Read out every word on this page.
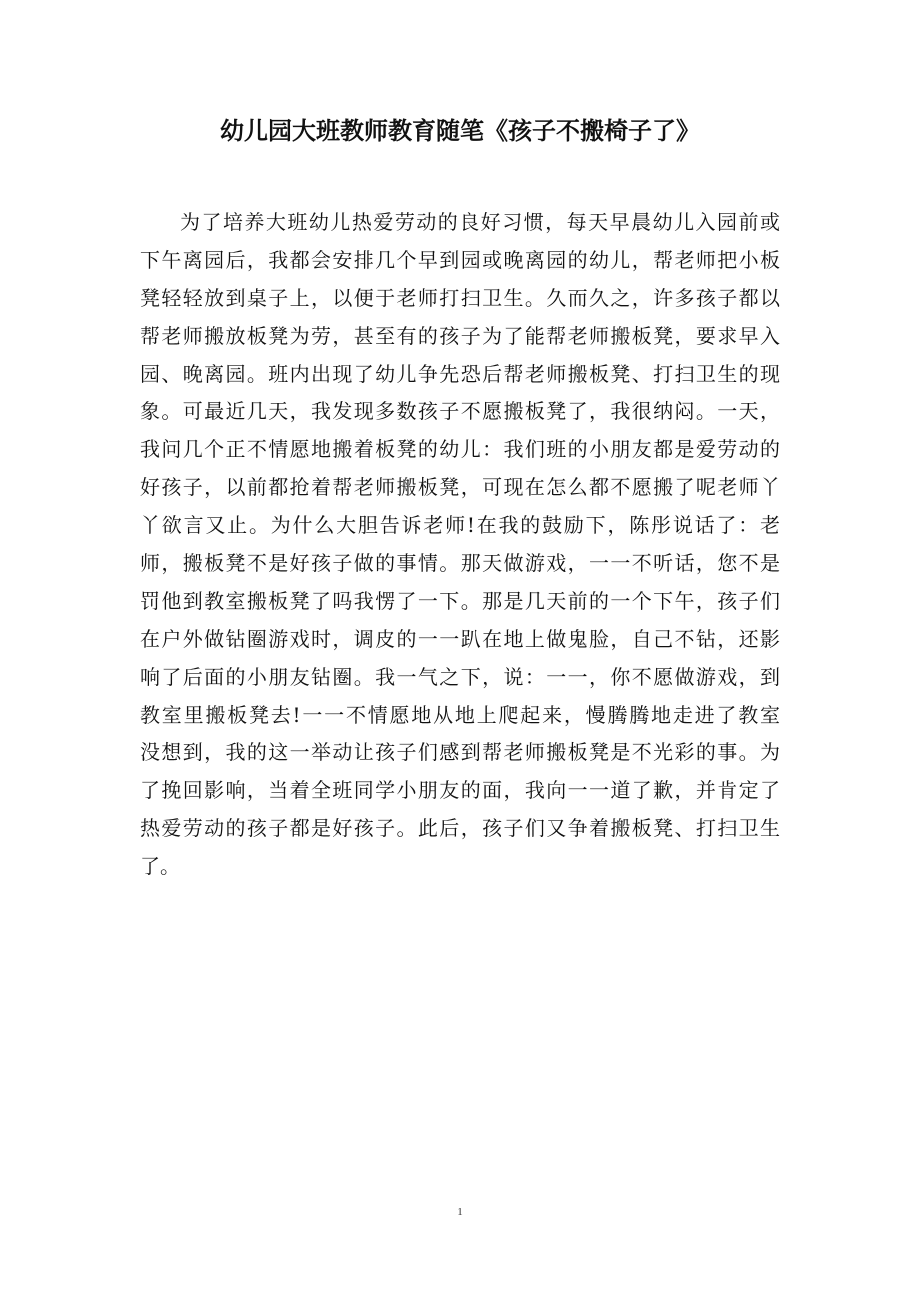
幼儿园大班教师教育随笔《孩子不搬椅子了》
为了培养大班幼儿热爱劳动的良好习惯，每天早晨幼儿入园前或
下午离园后，我都会安排几个早到园或晚离园的幼儿，帮老师把小板
凳轻轻放到桌子上，以便于老师打扫卫生。久而久之，许多孩子都以
帮老师搬放板凳为劳，甚至有的孩子为了能帮老师搬板凳，要求早入
园、晚离园。班内出现了幼儿争先恐后帮老师搬板凳、打扫卫生的现
象。可最近几天，我发现多数孩子不愿搬板凳了，我很纳闷。一天，
我问几个正不情愿地搬着板凳的幼儿：我们班的小朋友都是爱劳动的
好孩子，以前都抢着帮老师搬板凳，可现在怎么都不愿搬了呢老师丫
丫欲言又止。为什么大胆告诉老师!在我的鼓励下，陈彤说话了：老
师，搬板凳不是好孩子做的事情。那天做游戏，一一不听话，您不是
罚他到教室搬板凳了吗我愣了一下。那是几天前的一个下午，孩子们
在户外做钻圈游戏时，调皮的一一趴在地上做鬼脸，自己不钻，还影
响了后面的小朋友钻圈。我一气之下，说：一一，你不愿做游戏，到
教室里搬板凳去!一一不情愿地从地上爬起来，慢腾腾地走进了教室
没想到，我的这一举动让孩子们感到帮老师搬板凳是不光彩的事。为
了挽回影响，当着全班同学小朋友的面，我向一一道了歉，并肯定了
热爱劳动的孩子都是好孩子。此后，孩子们又争着搬板凳、打扫卫生
了。
1
